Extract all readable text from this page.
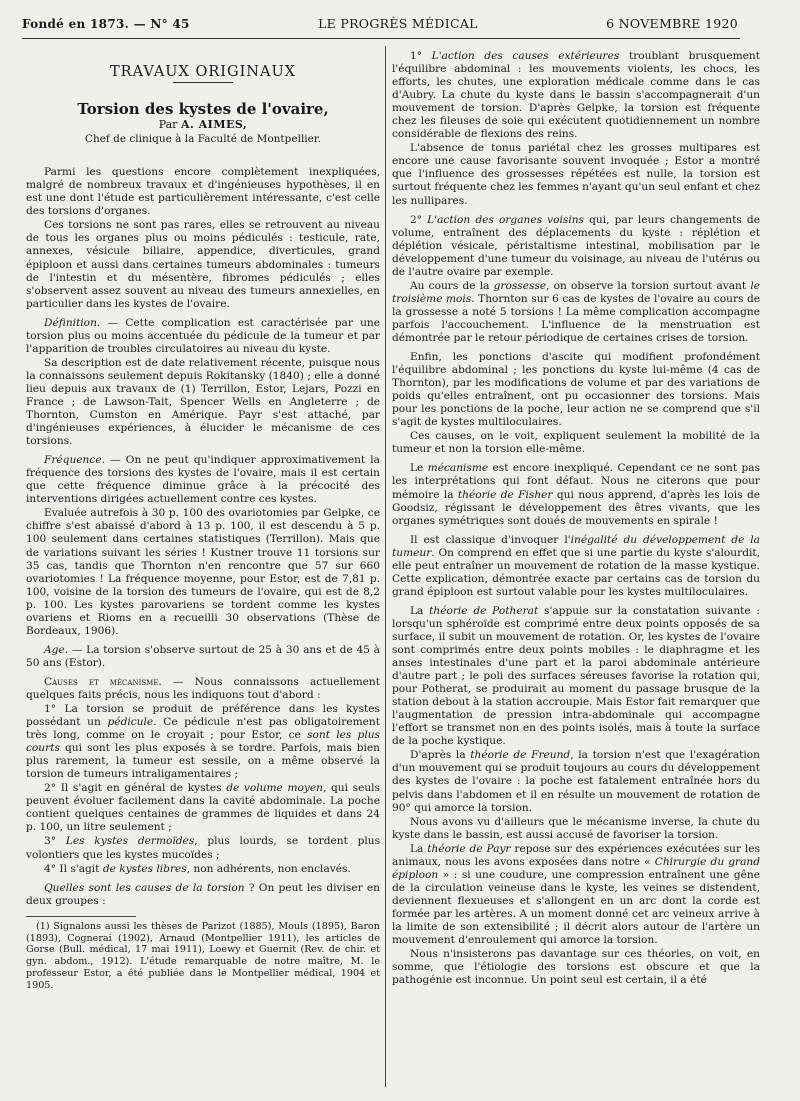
Fondé en 1873. — N° 45	LE PROGRÈS MÉDICAL	6 NOVEMBRE 1920
TRAVAUX ORIGINAUX
Torsion des kystes de l'ovaire,

Par A. AIMES,

Chef de clinique à la Faculté de Montpellier.

Parmi les questions encore complètement inexpliquées, malgré de nombreux travaux et d'ingénieuses hypothèses, il en est une dont l'étude est particulièrement intéressante, c'est celle des torsions d'organes.

Ces torsions ne sont pas rares, elles se retrouvent au niveau de tous les organes plus ou moins pédiculés : testicule, rate, annexes, vésicule biliaire, appendice, diverticules, grand épiploon et aussi dans certaines tumeurs abdominales : tumeurs de l'intestin et du mésentère, fibromes pédiculés ; elles s'observent assez souvent au niveau des tumeurs annexielles, en particulier dans les kystes de l'ovaire.

Définition. — Cette complication est caractérisée par une torsion plus ou moins accentuée du pédicule de la tumeur et par l'apparition de troubles circulatoires au niveau du kyste.

Sa description est de date relativement récente, puisque nous la connaissons seulement depuis Rokitansky (1840) ; elle a donné lieu depuis aux travaux de (1) Terrillon, Estor, Lejars, Pozzi en France ; de Lawson-Tait, Spencer Wells en Angleterre ; de Thornton, Cumston en Amérique. Payr s'est attaché, par d'ingénieuses expériences, à élucider le mécanisme de ces torsions.

Fréquence. — On ne peut qu'indiquer approximativement la fréquence des torsions des kystes de l'ovaire, mais il est certain que cette fréquence diminue grâce à la précocité des interventions dirigées actuellement contre ces kystes.

Evaluée autrefois à 30 p. 100 des ovariotomies par Gelpke, ce chiffre s'est abaissé d'abord à 13 p. 100, il est descendu à 5 p. 100 seulement dans certaines statistiques (Terrillon). Mais que de variations suivant les séries ! Kustner trouve 11 torsions sur 35 cas, tandis que Thornton n'en rencontre que 57 sur 660 ovariotomies ! La fréquence moyenne, pour Estor, est de 7,81 p. 100, voisine de la torsion des tumeurs de l'ovaire, qui est de 8,2 p. 100. Les kystes parovariens se tordent comme les kystes ovariens et Rioms en a recueilli 30 observations (Thèse de Bordeaux, 1906).

Age. — La torsion s'observe surtout de 25 à 30 ans et de 45 à 50 ans (Estor).

Causes et mécanisme. — Nous connaissons actuellement quelques faits précis, nous les indiquons tout d'abord :

1° La torsion se produit de préférence dans les kystes possédant un pédicule. Ce pédicule n'est pas obligatoirement très long, comme on le croyait ; pour Estor, ce sont les plus courts qui sont les plus exposés à se tordre. Parfois, mais bien plus rarement, la tumeur est sessile, on a même observé la torsion de tumeurs intraligamentaires ;

2° Il s'agit en général de kystes de volume moyen, qui seuls peuvent évoluer facilement dans la cavité abdominale. La poche contient quelques centaines de grammes de liquides et dans 24 p. 100, un litre seulement ;

3° Les kystes dermoïdes, plus lourds, se tordent plus volontiers que les kystes mucoïdes ;

4° Il s'agit de kystes libres, non adhérents, non enclavés.

Quelles sont les causes de la torsion ? On peut les diviser en deux groupes :

(1) Signalons aussi les thèses de Parizot (1885), Mouls (1895), Baron (1893), Cognerai (1902), Arnaud (Montpellier 1911), les articles de Gorse (Bull. médical, 17 mai 1911), Loewy et Guernit (Rev. de chir. et gyn. abdom., 1912). L'étude remarquable de notre maître, M. le professeur Estor, a été publiée dans le Montpellier médical, 1904 et 1905.

1° L'action des causes extérieures troublant brusquement l'équilibre abdominal : les mouvements violents, les chocs, les efforts, les chutes, une exploration médicale comme dans le cas d'Aubry. La chute du kyste dans le bassin s'accompagnerait d'un mouvement de torsion. D'après Gelpke, la torsion est fréquente chez les fileuses de soie qui exécutent quotidiennement un nombre considérable de flexions des reins.

L'absence de tonus pariétal chez les grosses multipares est encore une cause favorisante souvent invoquée ; Estor a montré que l'influence des grossesses répétées est nulle, la torsion est surtout fréquente chez les femmes n'ayant qu'un seul enfant et chez les nullipares.

2° L'action des organes voisins qui, par leurs changements de volume, entraînent des déplacements du kyste : réplétion et déplétion vésicale, péristaltisme intestinal, mobilisation par le développement d'une tumeur du voisinage, au niveau de l'utérus ou de l'autre ovaire par exemple.

Au cours de la grossesse, on observe la torsion surtout avant le troisième mois. Thornton sur 6 cas de kystes de l'ovaire au cours de la grossesse a noté 5 torsions ! La même complication accompagne parfois l'accouchement. L'influence de la menstruation est démontrée par le retour périodique de certaines crises de torsion.

Enfin, les ponctions d'ascite qui modifient profondément l'équilibre abdominal ; les ponctions du kyste lui-même (4 cas de Thornton), par les modifications de volume et par des variations de poids qu'elles entraînent, ont pu occasionner des torsions. Mais pour les ponctions de la poche, leur action ne se comprend que s'il s'agit de kystes multiloculaires.

Ces causes, on le voit, expliquent seulement la mobilité de la tumeur et non la torsion elle-même.

Le mécanisme est encore inexpliqué. Cependant ce ne sont pas les interprétations qui font défaut. Nous ne citerons que pour mémoire la théorie de Fisher qui nous apprend, d'après les lois de Goodsiz, régissant le développement des êtres vivants, que les organes symétriques sont doués de mouvements en spirale !

Il est classique d'invoquer l'inégalité du développement de la tumeur. On comprend en effet que si une partie du kyste s'alourdit, elle peut entraîner un mouvement de rotation de la masse kystique. Cette explication, démontrée exacte par certains cas de torsion du grand épiploon est surtout valable pour les kystes multiloculaires.

La théorie de Potherat s'appuie sur la constatation suivante : lorsqu'un sphéroïde est comprimé entre deux points opposés de sa surface, il subit un mouvement de rotation. Or, les kystes de l'ovaire sont comprimés entre deux points mobiles : le diaphragme et les anses intestinales d'une part et la paroi abdominale antérieure d'autre part ; le poli des surfaces séreuses favorise la rotation qui, pour Potherat, se produirait au moment du passage brusque de la station debout à la station accroupie. Mais Estor fait remarquer que l'augmentation de pression intra-abdominale qui accompagne l'effort se transmet non en des points isolés, mais à toute la surface de la poche kystique.

D'après la théorie de Freund, la torsion n'est que l'exagération d'un mouvement qui se produit toujours au cours du développement des kystes de l'ovaire : la poche est fatalement entraînée hors du pelvis dans l'abdomen et il en résulte un mouvement de rotation de 90° qui amorce la torsion.

Nous avons vu d'ailleurs que le mécanisme inverse, la chute du kyste dans le bassin, est aussi accusé de favoriser la torsion.

La théorie de Payr repose sur des expériences exécutées sur les animaux, nous les avons exposées dans notre « Chirurgie du grand épiploon » : si une coudure, une compression entraînent une gêne de la circulation veineuse dans le kyste, les veines se distendent, deviennent flexueuses et s'allongent en un arc dont la corde est formée par les artères. A un moment donné cet arc veineux arrive à la limite de son extensibilité ; il décrit alors autour de l'artère un mouvement d'enroulement qui amorce la torsion.

Nous n'insisterons pas davantage sur ces théories, on voit, en somme, que l'étiologie des torsions est obscure et que la pathogénie est inconnue. Un point seul est certain, il a été
